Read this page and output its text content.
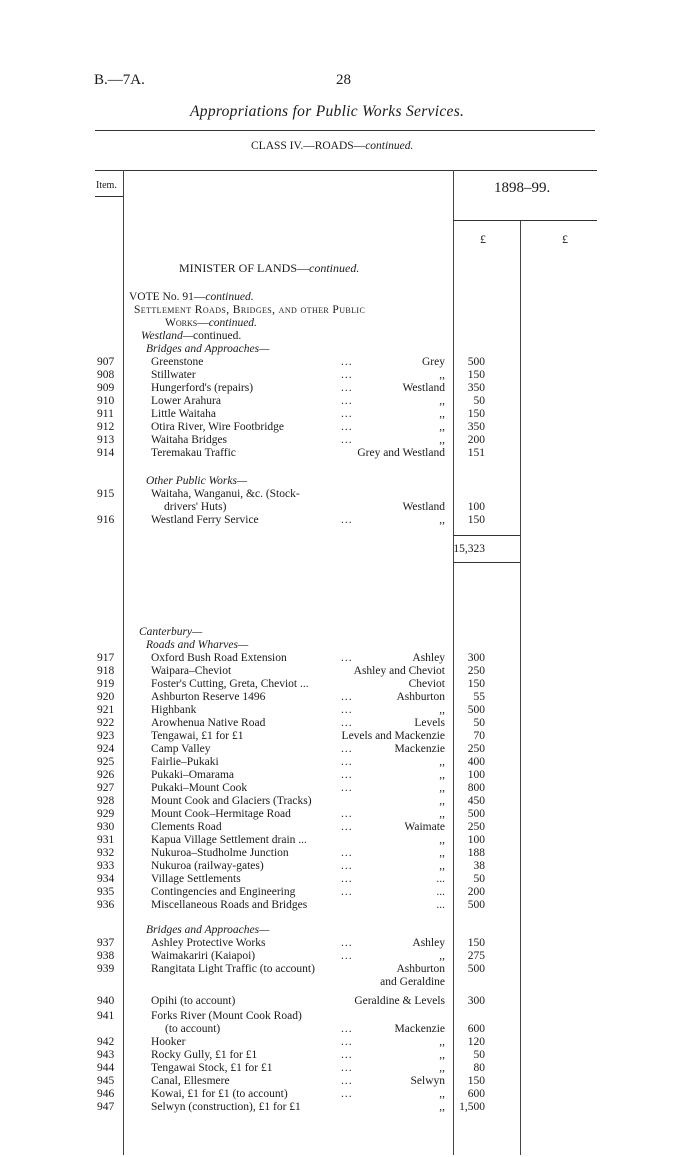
B.—7A.	28
Appropriations for Public Works Services.
CLASS IV.—ROADS—continued.
Item.	1898–99.
£	£
MINISTER OF LANDS—continued.
VOTE No. 91—continued.
Settlement Roads, Bridges, and other Public
Works—continued.
Westland—continued.
Bridges and Approaches—
907	Greenstone	...	Grey 500
908	Stillwater	...	,, 150
909	Hungerford's (repairs)	...	Westland 350
910	Lower Arahura	...	,, 50
911	Little Waitaha	...	,, 150
912	Otira River, Wire Footbridge	...	,, 350
913	Waitaha Bridges	...	,, 200
914	Teremakau Traffic	Grey and Westland 151
Other Public Works—
915	Waitaha, Wanganui, &c. (Stock-
drivers' Huts)	Westland 100
916	Westland Ferry Service	...	,, 150
15,323
Canterbury—
Roads and Wharves—
917	Oxford Bush Road Extension	...	Ashley 300
918	Waipara–Cheviot	Ashley and Cheviot 250
919	Foster's Cutting, Greta, Cheviot ...	Cheviot 150
920	Ashburton Reserve 1496	...	Ashburton 55
921	Highbank	...	,, 500
922	Arowhenua Native Road	...	Levels 50
923	Tengawai, £1 for £1	Levels and Mackenzie 70
924	Camp Valley	...	Mackenzie 250
925	Fairlie–Pukaki	...	,, 400
926	Pukaki–Omarama	...	,, 100
927	Pukaki–Mount Cook	...	,, 800
928	Mount Cook and Glaciers (Tracks)	,, 450
929	Mount Cook–Hermitage Road	...	,, 500
930	Clements Road	...	Waimate 250
931	Kapua Village Settlement drain ...	,, 100
932	Nukuroa–Studholme Junction	...	,, 188
933	Nukuroa (railway-gates)	...	,, 38
934	Village Settlements	...	... 50
935	Contingencies and Engineering	...	... 200
936	Miscellaneous Roads and Bridges	... 500
Bridges and Approaches—
937	Ashley Protective Works	...	Ashley 150
938	Waimakariri (Kaiapoi)	...	,, 275
939	Rangitata Light Traffic (to account)	Ashburton 500
and Geraldine
940	Opihi (to account)	Geraldine & Levels 300
941	Forks River (Mount Cook Road)
(to account)	...	Mackenzie 600
942	Hooker	...	,, 120
943	Rocky Gully, £1 for £1	...	,, 50
944	Tengawai Stock, £1 for £1	...	,, 80
945	Canal, Ellesmere	...	Selwyn 150
946	Kowai, £1 for £1 (to account)	...	,, 600
947	Selwyn (construction), £1 for £1	,, 1,500
